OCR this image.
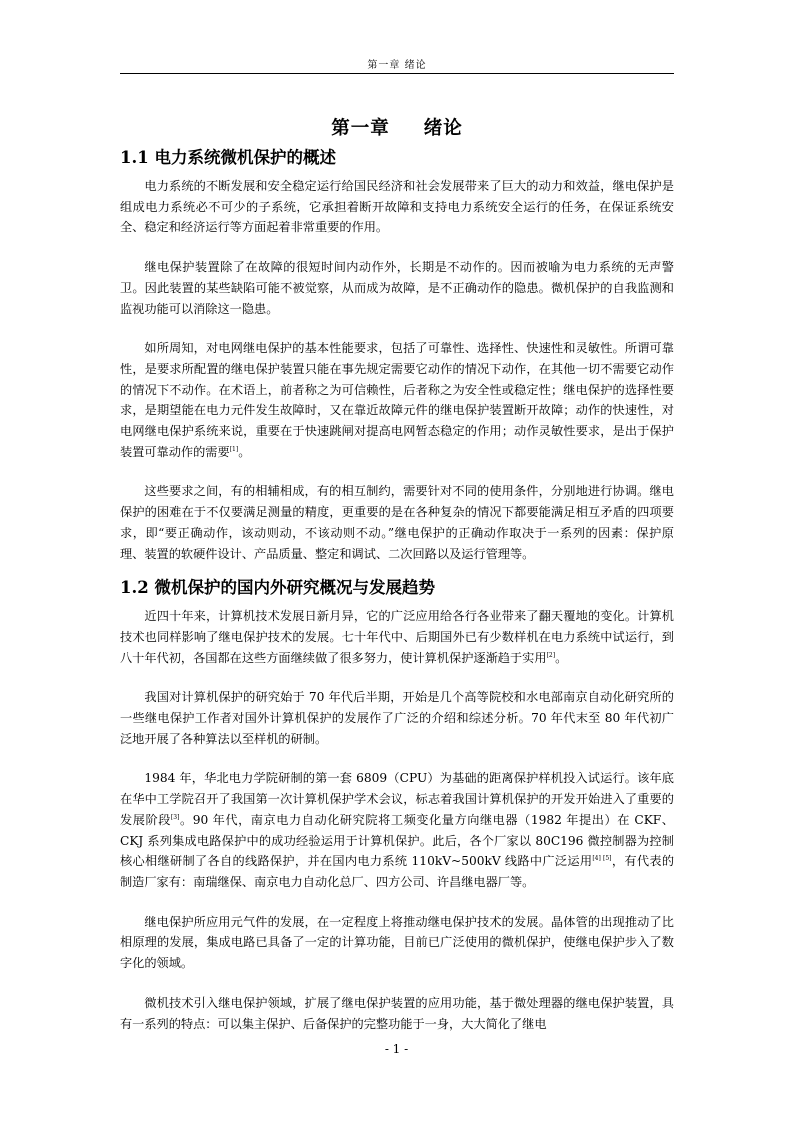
第一章 绪论
第一章 绪论
1.1 电力系统微机保护的概述

电力系统的不断发展和安全稳定运行给国民经济和社会发展带来了巨大的动力和效益，继电保护是组成电力系统必不可少的子系统，它承担着断开故障和支持电力系统安全运行的任务，在保证系统安全、稳定和经济运行等方面起着非常重要的作用。

继电保护装置除了在故障的很短时间内动作外，长期是不动作的。因而被喻为电力系统的无声警卫。因此装置的某些缺陷可能不被觉察，从而成为故障，是不正确动作的隐患。微机保护的自我监测和监视功能可以消除这一隐患。

如所周知，对电网继电保护的基本性能要求，包括了可靠性、选择性、快速性和灵敏性。所谓可靠性，是要求所配置的继电保护装置只能在事先规定需要它动作的情况下动作，在其他一切不需要它动作的情况下不动作。在术语上，前者称之为可信赖性，后者称之为安全性或稳定性；继电保护的选择性要求，是期望能在电力元件发生故障时，又在靠近故障元件的继电保护装置断开故障；动作的快速性，对电网继电保护系统来说，重要在于快速跳闸对提高电网暂态稳定的作用；动作灵敏性要求，是出于保护装置可靠动作的需要[1]。

这些要求之间，有的相辅相成，有的相互制约，需要针对不同的使用条件，分别地进行协调。继电保护的困难在于不仅要满足测量的精度，更重要的是在各种复杂的情况下都要能满足相互矛盾的四项要求，即“要正确动作，该动则动，不该动则不动。”继电保护的正确动作取决于一系列的因素：保护原理、装置的软硬件设计、产品质量、整定和调试、二次回路以及运行管理等。

1.2 微机保护的国内外研究概况与发展趋势

近四十年来，计算机技术发展日新月异，它的广泛应用给各行各业带来了翻天覆地的变化。计算机技术也同样影响了继电保护技术的发展。七十年代中、后期国外已有少数样机在电力系统中试运行，到八十年代初，各国都在这些方面继续做了很多努力，使计算机保护逐渐趋于实用[2]。

我国对计算机保护的研究始于 70 年代后半期，开始是几个高等院校和水电部南京自动化研究所的一些继电保护工作者对国外计算机保护的发展作了广泛的介绍和综述分析。70 年代末至 80 年代初广泛地开展了各种算法以至样机的研制。

1984 年，华北电力学院研制的第一套 6809（CPU）为基础的距离保护样机投入试运行。该年底在华中工学院召开了我国第一次计算机保护学术会议，标志着我国计算机保护的开发开始进入了重要的发展阶段[3]。90 年代，南京电力自动化研究院将工频变化量方向继电器（1982 年提出）在 CKF、CKJ 系列集成电路保护中的成功经验运用于计算机保护。此后，各个厂家以 80C196 微控制器为控制核心相继研制了各自的线路保护，并在国内电力系统 110kV~500kV 线路中广泛运用[4] [5]，有代表的制造厂家有：南瑞继保、南京电力自动化总厂、四方公司、许昌继电器厂等。

继电保护所应用元气件的发展，在一定程度上将推动继电保护技术的发展。晶体管的出现推动了比相原理的发展，集成电路已具备了一定的计算功能，目前已广泛使用的微机保护，使继电保护步入了数字化的领域。

微机技术引入继电保护领域，扩展了继电保护装置的应用功能，基于微处理器的继电保护装置，具有一系列的特点：可以集主保护、后备保护的完整功能于一身，大大简化了继电

- 1 -
